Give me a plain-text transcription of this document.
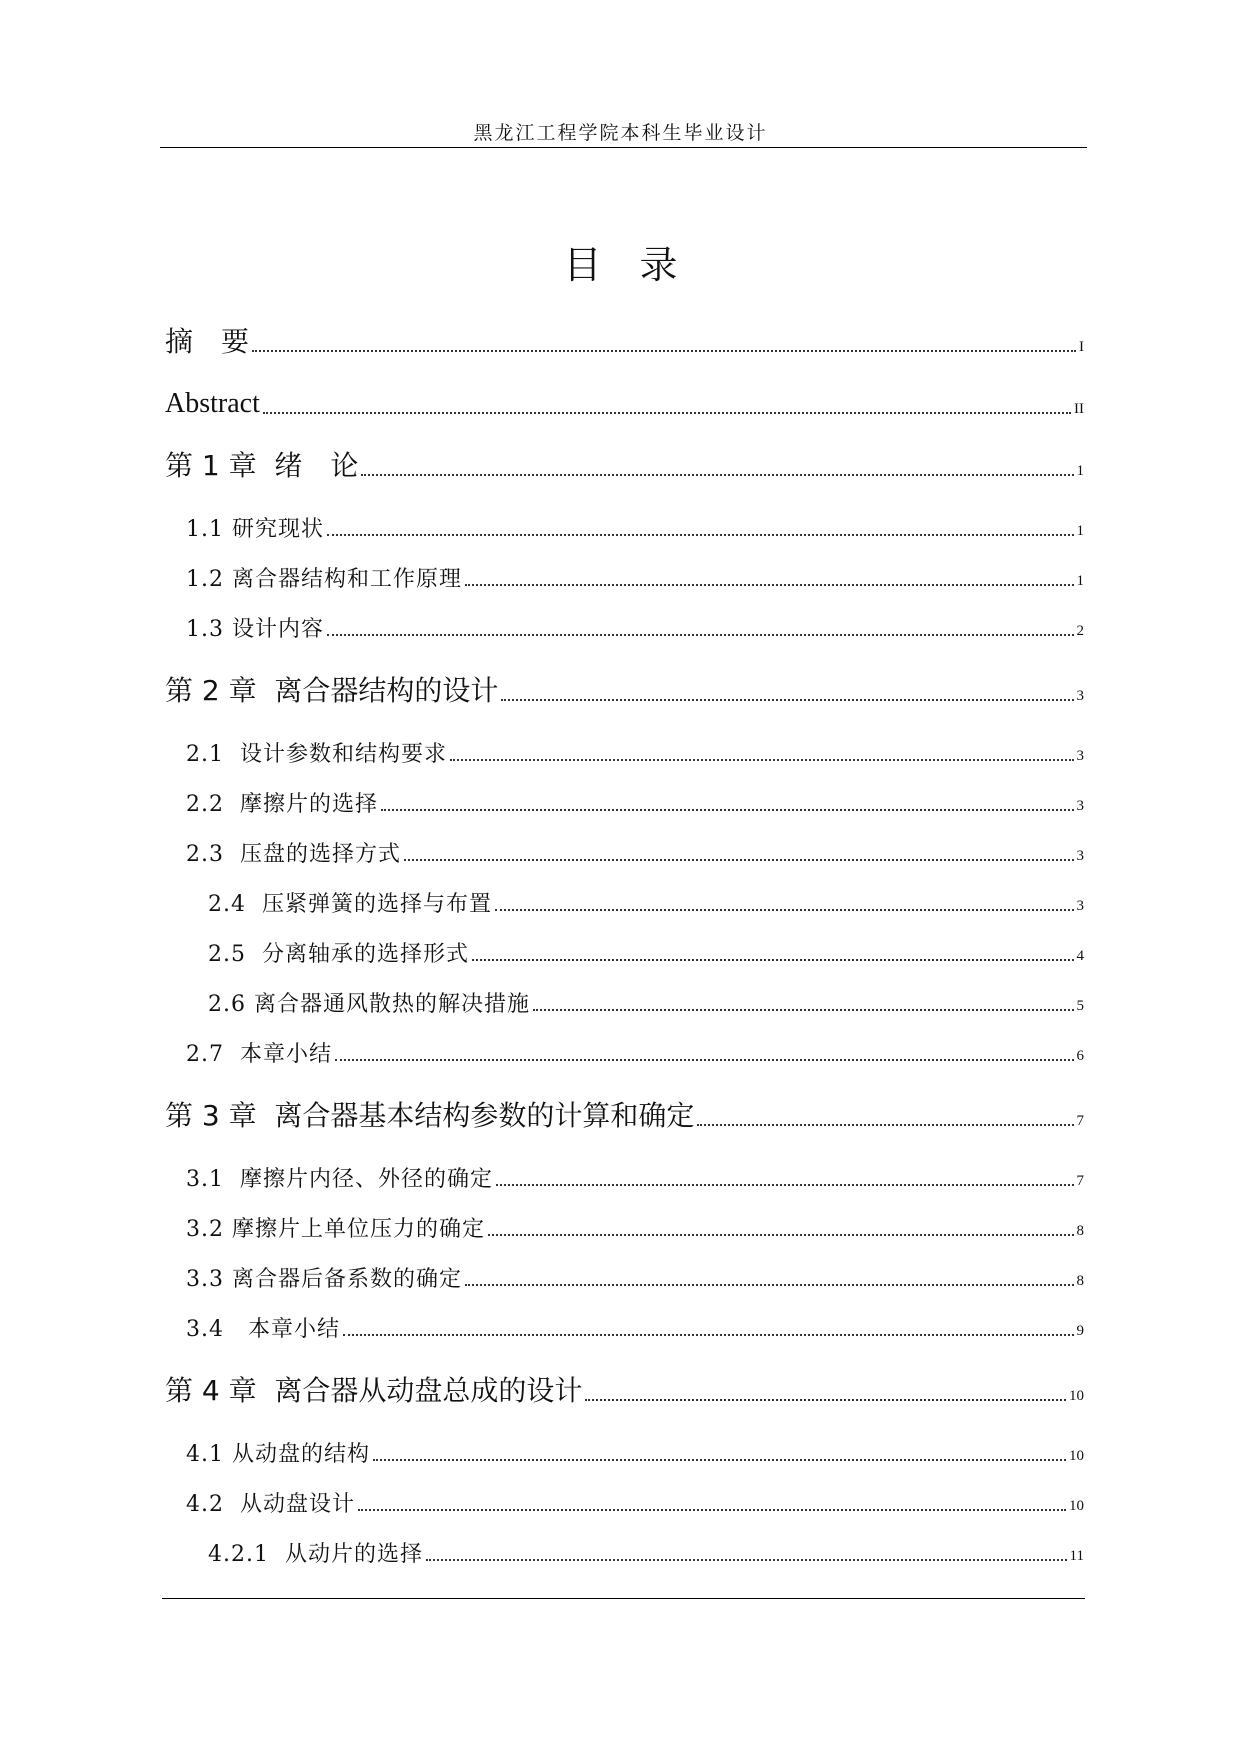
黑龙江工程学院本科生毕业设计
目　录
摘　要	I
Abstract	II
第 1 章  绪　论	1
1.1 研究现状	1
1.2 离合器结构和工作原理	1
1.3 设计内容	2
第 2 章  离合器结构的设计	3
2.1  设计参数和结构要求	3
2.2  摩擦片的选择	3
2.3  压盘的选择方式	3
2.4  压紧弹簧的选择与布置	3
2.5  分离轴承的选择形式	4
2.6 离合器通风散热的解决措施	5
2.7  本章小结	6
第 3 章  离合器基本结构参数的计算和确定	7
3.1  摩擦片内径、外径的确定	7
3.2 摩擦片上单位压力的确定	8
3.3 离合器后备系数的确定	8
3.4   本章小结	9
第 4 章  离合器从动盘总成的设计	10
4.1 从动盘的结构	10
4.2  从动盘设计	10
4.2.1  从动片的选择	11
